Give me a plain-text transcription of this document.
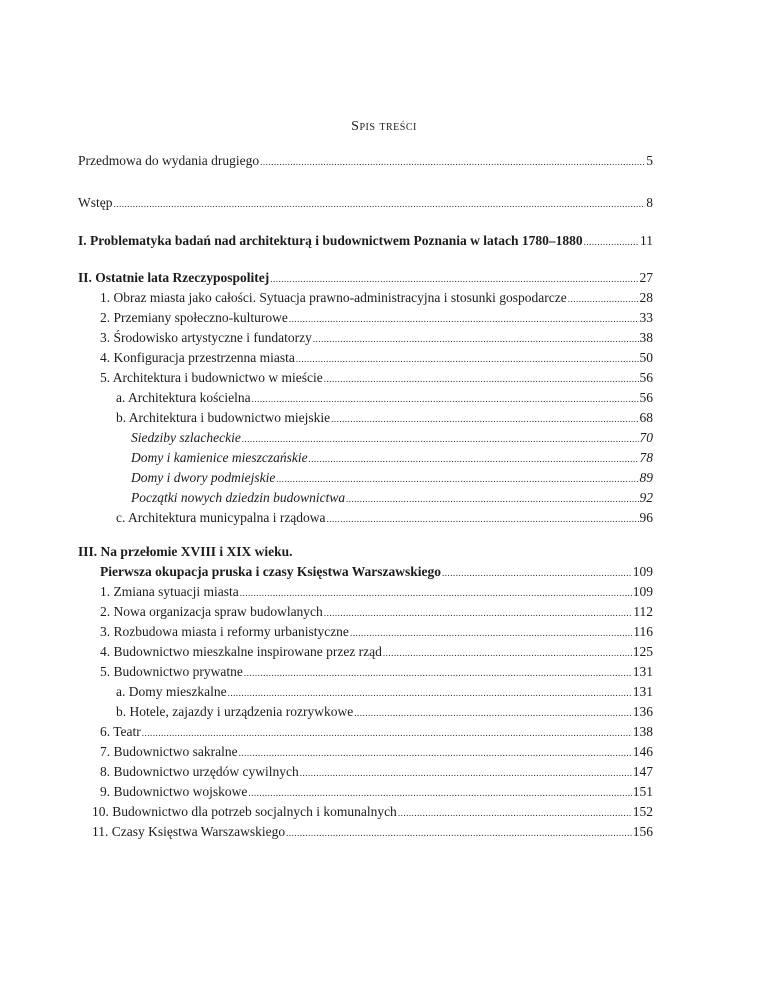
Spis treści
Przedmowa do wydania drugiego .....	5
Wstęp .....	8
I. Problematyka badań nad architekturą i budownictwem Poznania w latach 1780–1880 .....	11
II. Ostatnie lata Rzeczypospolitej .....	27
1. Obraz miasta jako całości. Sytuacja prawno-administracyjna i stosunki gospodarcze .....	28
2. Przemiany społeczno-kulturowe .....	33
3. Środowisko artystyczne i fundatorzy .....	38
4. Konfiguracja przestrzenna miasta .....	50
5. Architektura i budownictwo w mieście .....	56
a. Architektura kościelna .....	56
b. Architektura i budownictwo miejskie .....	68
Siedziby szlacheckie .....	70
Domy i kamienice mieszczańskie .....	78
Domy i dwory podmiejskie .....	89
Początki nowych dziedzin budownictwa .....	92
c. Architektura municypalna i rządowa .....	96
III. Na przełomie XVIII i XIX wieku.
Pierwsza okupacja pruska i czasy Księstwa Warszawskiego .....	109
1. Zmiana sytuacji miasta .....	109
2. Nowa organizacja spraw budowlanych .....	112
3. Rozbudowa miasta i reformy urbanistyczne .....	116
4. Budownictwo mieszkalne inspirowane przez rząd .....	125
5. Budownictwo prywatne .....	131
a. Domy mieszkalne .....	131
b. Hotele, zajazdy i urządzenia rozrywkowe .....	136
6. Teatr .....	138
7. Budownictwo sakralne .....	146
8. Budownictwo urzędów cywilnych .....	147
9. Budownictwo wojskowe .....	151
10. Budownictwo dla potrzeb socjalnych i komunalnych .....	152
11. Czasy Księstwa Warszawskiego .....	156
